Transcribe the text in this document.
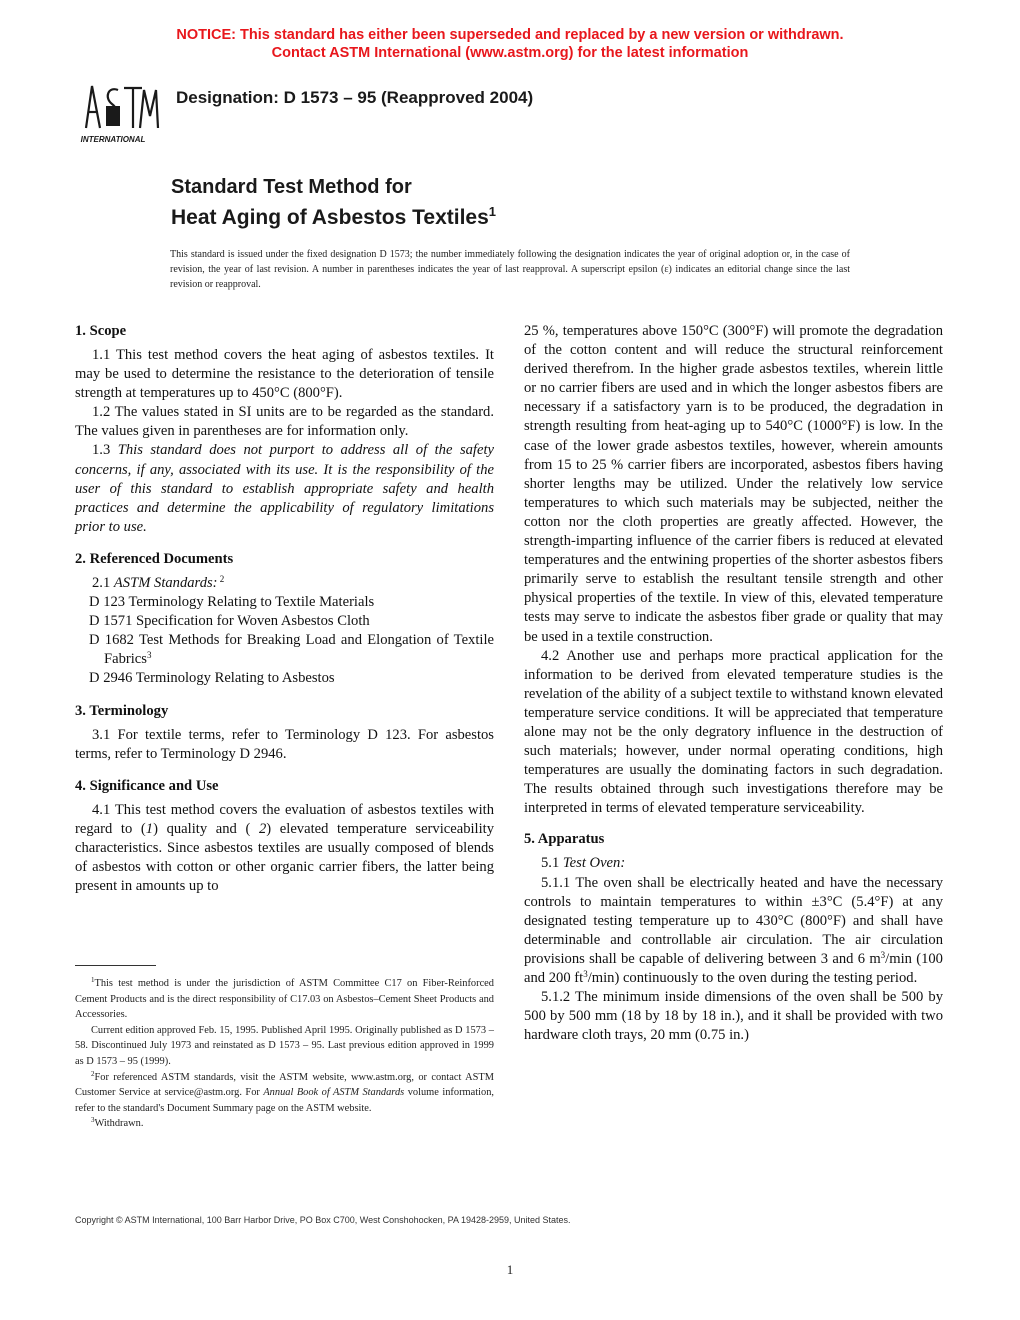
NOTICE: This standard has either been superseded and replaced by a new version or withdrawn.
Contact ASTM International (www.astm.org) for the latest information
INTERNATIONAL
Designation: D 1573 – 95 (Reapproved 2004)
Standard Test Method for
Heat Aging of Asbestos Textiles$^1$
This standard is issued under the fixed designation D 1573; the number immediately following the designation indicates the year of original adoption or, in the case of revision, the year of last revision. A number in parentheses indicates the year of last reapproval. A superscript epsilon (ε) indicates an editorial change since the last revision or reapproval.
1. Scope

1.1 This test method covers the heat aging of asbestos textiles. It may be used to determine the resistance to the deterioration of tensile strength at temperatures up to 450°C (800°F).

1.2 The values stated in SI units are to be regarded as the standard. The values given in parentheses are for information only.

1.3 This standard does not purport to address all of the safety concerns, if any, associated with its use. It is the responsibility of the user of this standard to establish appropriate safety and health practices and determine the applicability of regulatory limitations prior to use.

2. Referenced Documents

2.1 ASTM Standards: $^2$

D 123 Terminology Relating to Textile Materials

D 1571 Specification for Woven Asbestos Cloth

D 1682 Test Methods for Breaking Load and Elongation of Textile Fabrics$^3$

D 2946 Terminology Relating to Asbestos

3. Terminology

3.1 For textile terms, refer to Terminology D 123. For asbestos terms, refer to Terminology D 2946.

4. Significance and Use

4.1 This test method covers the evaluation of asbestos textiles with regard to (1) quality and ( 2) elevated temperature serviceability characteristics. Since asbestos textiles are usually composed of blends of asbestos with cotton or other organic carrier fibers, the latter being present in amounts up to

$^1$This test method is under the jurisdiction of ASTM Committee C17 on Fiber-Reinforced Cement Products and is the direct responsibility of C17.03 on Asbestos–Cement Sheet Products and Accessories.

Current edition approved Feb. 15, 1995. Published April 1995. Originally published as D 1573 – 58. Discontinued July 1973 and reinstated as D 1573 – 95. Last previous edition approved in 1999 as D 1573 – 95 (1999).

$^2$For referenced ASTM standards, visit the ASTM website, www.astm.org, or contact ASTM Customer Service at service@astm.org. For Annual Book of ASTM Standards volume information, refer to the standard's Document Summary page on the ASTM website.

$^3$Withdrawn.

25 %, temperatures above 150°C (300°F) will promote the degradation of the cotton content and will reduce the structural reinforcement derived therefrom. In the higher grade asbestos textiles, wherein little or no carrier fibers are used and in which the longer asbestos fibers are necessary if a satisfactory yarn is to be produced, the degradation in strength resulting from heat-aging up to 540°C (1000°F) is low. In the case of the lower grade asbestos textiles, however, wherein amounts from 15 to 25 % carrier fibers are incorporated, asbestos fibers having shorter lengths may be utilized. Under the relatively low service temperatures to which such materials may be subjected, neither the cotton nor the cloth properties are greatly affected. However, the strength-imparting influence of the carrier fibers is reduced at elevated temperatures and the entwining properties of the shorter asbestos fibers primarily serve to establish the resultant tensile strength and other physical properties of the textile. In view of this, elevated temperature tests may serve to indicate the asbestos fiber grade or quality that may be used in a textile construction.

4.2 Another use and perhaps more practical application for the information to be derived from elevated temperature studies is the revelation of the ability of a subject textile to withstand known elevated temperature service conditions. It will be appreciated that temperature alone may not be the only degratory influence in the destruction of such materials; however, under normal operating conditions, high temperatures are usually the dominating factors in such degradation. The results obtained through such investigations therefore may be interpreted in terms of elevated temperature serviceability.

5. Apparatus

5.1 Test Oven:

5.1.1 The oven shall be electrically heated and have the necessary controls to maintain temperatures to within ±3°C (5.4°F) at any designated testing temperature up to 430°C (800°F) and shall have determinable and controllable air circulation. The air circulation provisions shall be capable of delivering between 3 and 6 $m^3/\min$ (100 and 200 $ft^3/\min$) continuously to the oven during the testing period.

5.1.2 The minimum inside dimensions of the oven shall be 500 by 500 by 500 mm (18 by 18 by 18 in.), and it shall be provided with two hardware cloth trays, 20 mm (0.75 in.)

Copyright © ASTM International, 100 Barr Harbor Drive, PO Box C700, West Conshohocken, PA 19428-2959, United States.
1
